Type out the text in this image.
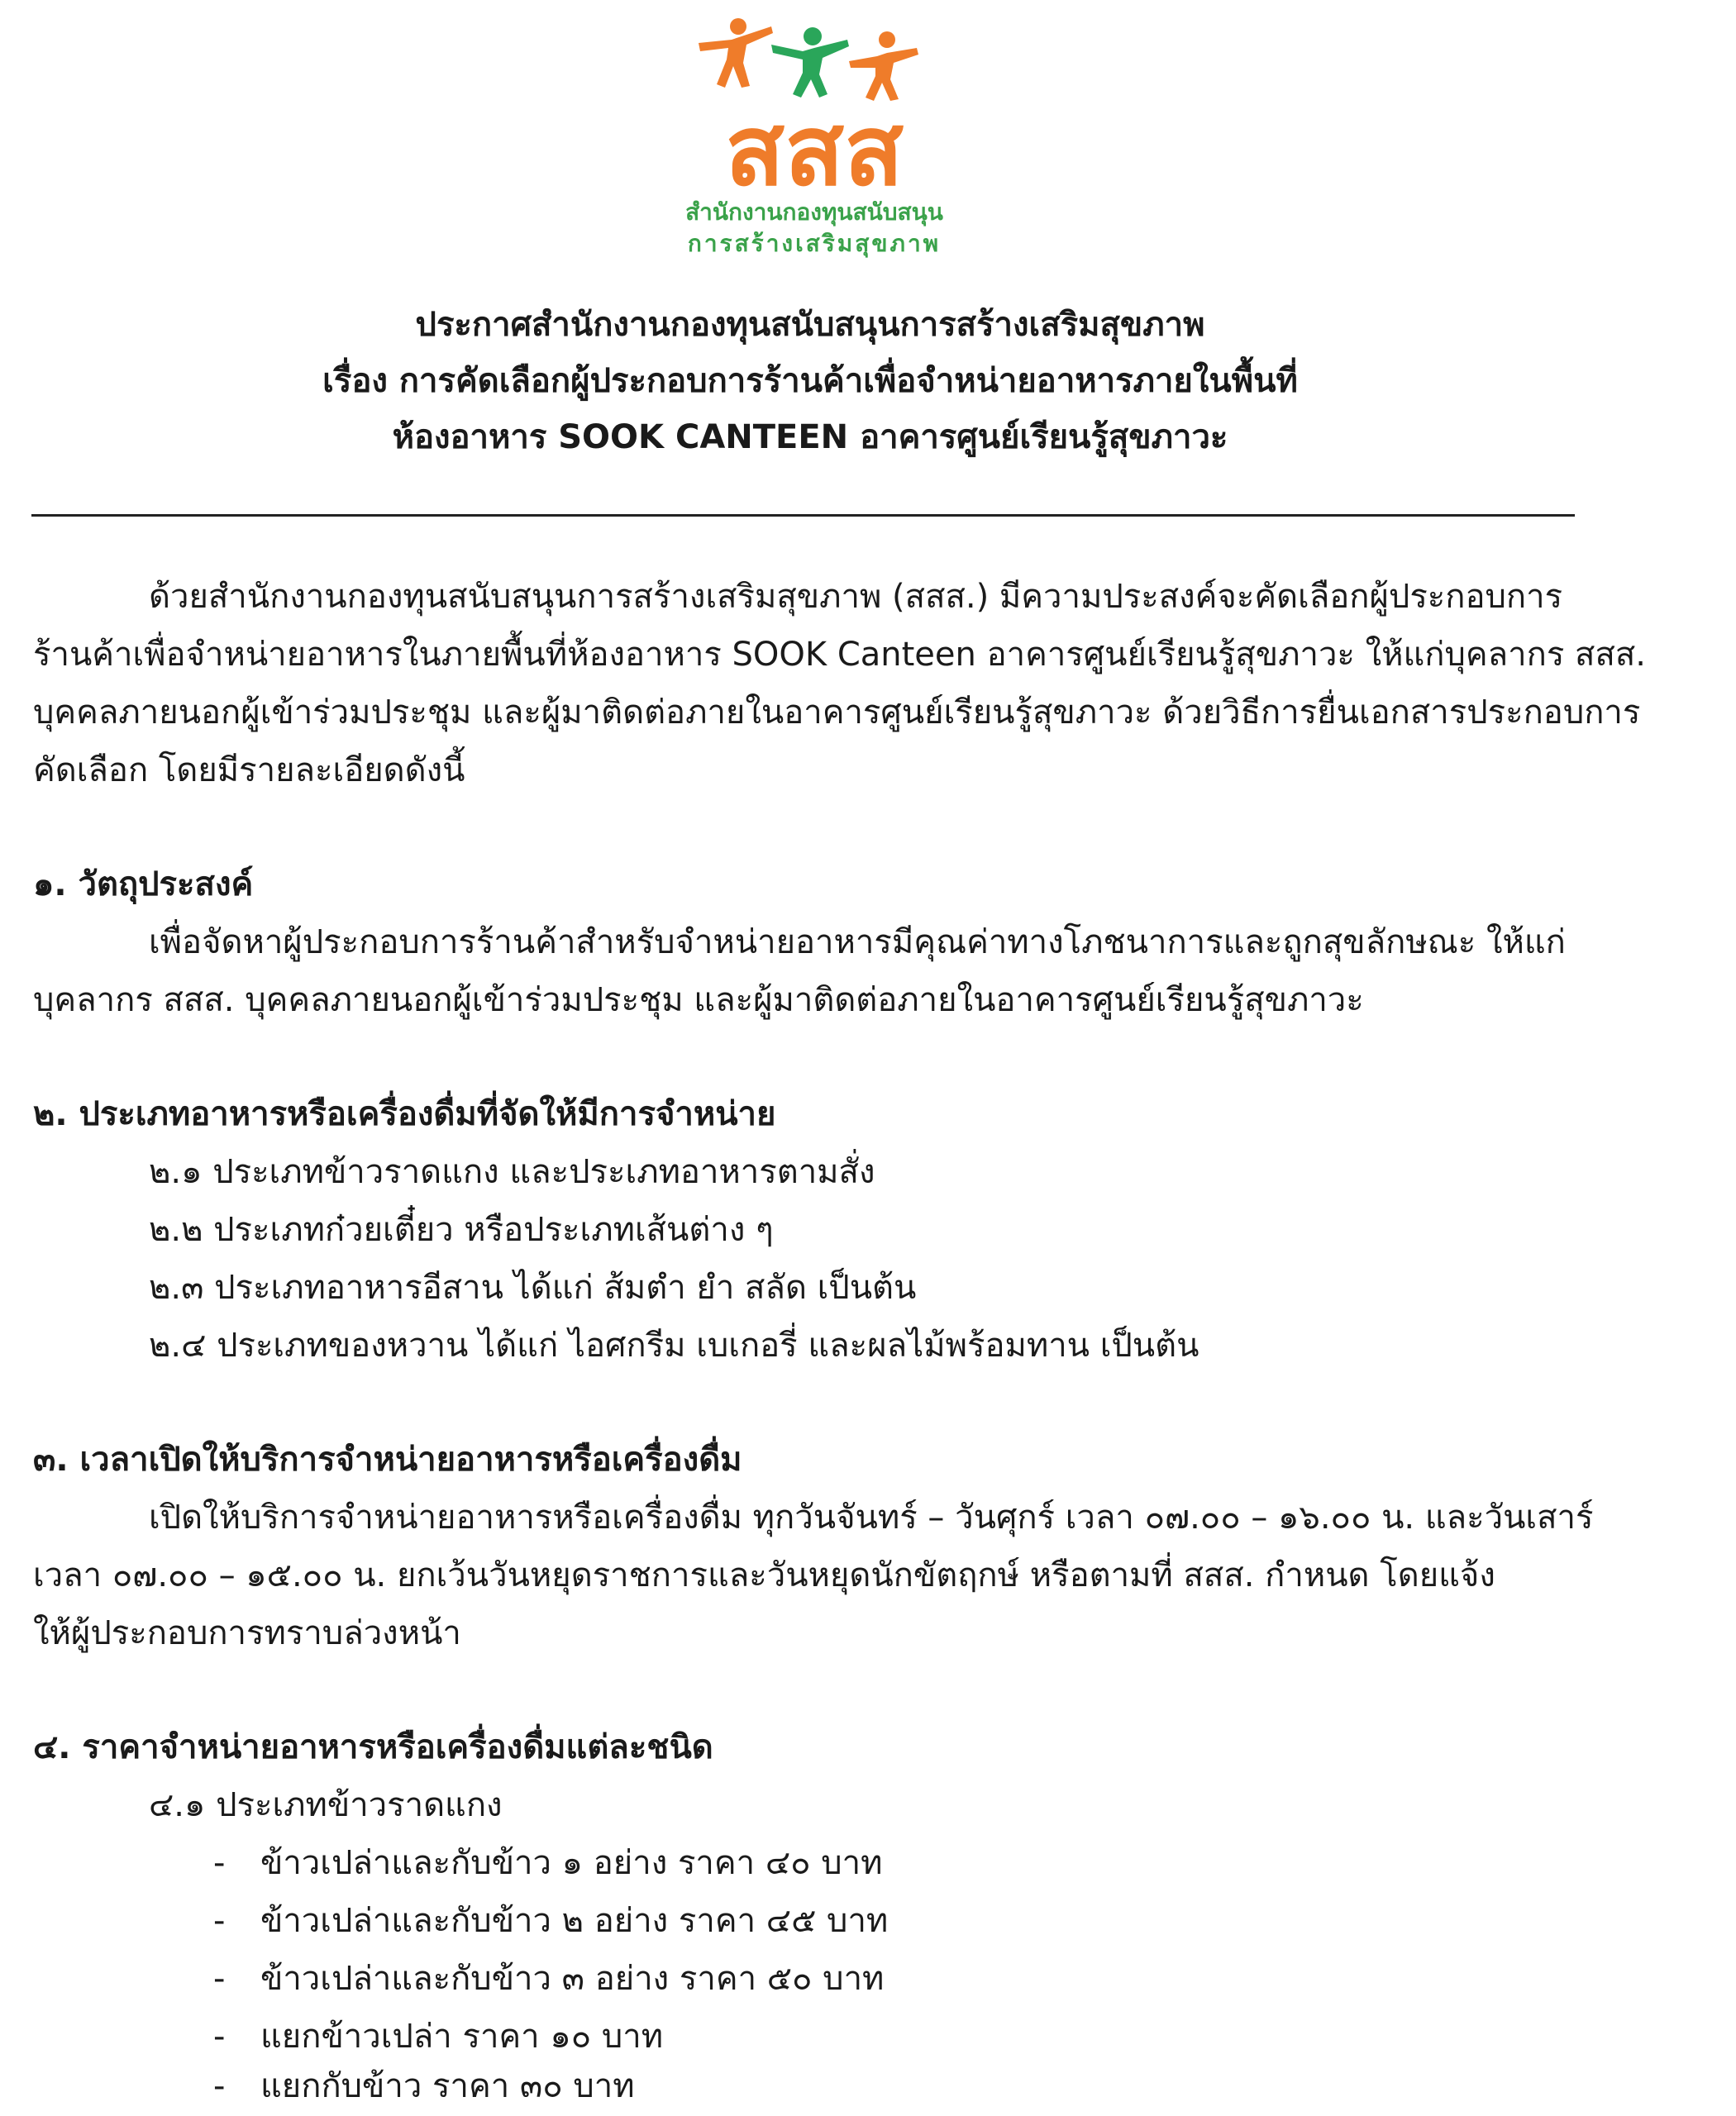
สสส
สำนักงานกองทุนสนับสนุน
การสร้างเสริมสุขภาพ
ประกาศสำนักงานกองทุนสนับสนุนการสร้างเสริมสุขภาพ
เรื่อง การคัดเลือกผู้ประกอบการร้านค้าเพื่อจำหน่ายอาหารภายในพื้นที่
ห้องอาหาร SOOK CANTEEN อาคารศูนย์เรียนรู้สุขภาวะ
ด้วยสำนักงานกองทุนสนับสนุนการสร้างเสริมสุขภาพ (สสส.) มีความประสงค์จะคัดเลือกผู้ประกอบการ
ร้านค้าเพื่อจำหน่ายอาหารในภายพื้นที่ห้องอาหาร SOOK Canteen อาคารศูนย์เรียนรู้สุขภาวะ ให้แก่บุคลากร สสส.
บุคคลภายนอกผู้เข้าร่วมประชุม และผู้มาติดต่อภายในอาคารศูนย์เรียนรู้สุขภาวะ ด้วยวิธีการยื่นเอกสารประกอบการ
คัดเลือก โดยมีรายละเอียดดังนี้
๑. วัตถุประสงค์
เพื่อจัดหาผู้ประกอบการร้านค้าสำหรับจำหน่ายอาหารมีคุณค่าทางโภชนาการและถูกสุขลักษณะ ให้แก่
บุคลากร สสส. บุคคลภายนอกผู้เข้าร่วมประชุม และผู้มาติดต่อภายในอาคารศูนย์เรียนรู้สุขภาวะ
๒. ประเภทอาหารหรือเครื่องดื่มที่จัดให้มีการจำหน่าย
๒.๑ ประเภทข้าวราดแกง และประเภทอาหารตามสั่ง
๒.๒ ประเภทก๋วยเตี๋ยว หรือประเภทเส้นต่าง ๆ
๒.๓ ประเภทอาหารอีสาน ได้แก่ ส้มตำ ยำ สลัด เป็นต้น
๒.๔ ประเภทของหวาน ได้แก่ ไอศกรีม เบเกอรี่ และผลไม้พร้อมทาน เป็นต้น
๓. เวลาเปิดให้บริการจำหน่ายอาหารหรือเครื่องดื่ม
เปิดให้บริการจำหน่ายอาหารหรือเครื่องดื่ม ทุกวันจันทร์ – วันศุกร์ เวลา ๐๗.๐๐ – ๑๖.๐๐ น. และวันเสาร์
เวลา ๐๗.๐๐ – ๑๕.๐๐ น. ยกเว้นวันหยุดราชการและวันหยุดนักขัตฤกษ์ หรือตามที่ สสส. กำหนด โดยแจ้ง
ให้ผู้ประกอบการทราบล่วงหน้า
๔. ราคาจำหน่ายอาหารหรือเครื่องดื่มแต่ละชนิด
๔.๑ ประเภทข้าวราดแกง
- ข้าวเปล่าและกับข้าว ๑ อย่าง ราคา ๔๐ บาท
- ข้าวเปล่าและกับข้าว ๒ อย่าง ราคา ๔๕ บาท
- ข้าวเปล่าและกับข้าว ๓ อย่าง ราคา ๕๐ บาท
- แยกข้าวเปล่า ราคา ๑๐ บาท
- แยกกับข้าว ราคา ๓๐ บาท
